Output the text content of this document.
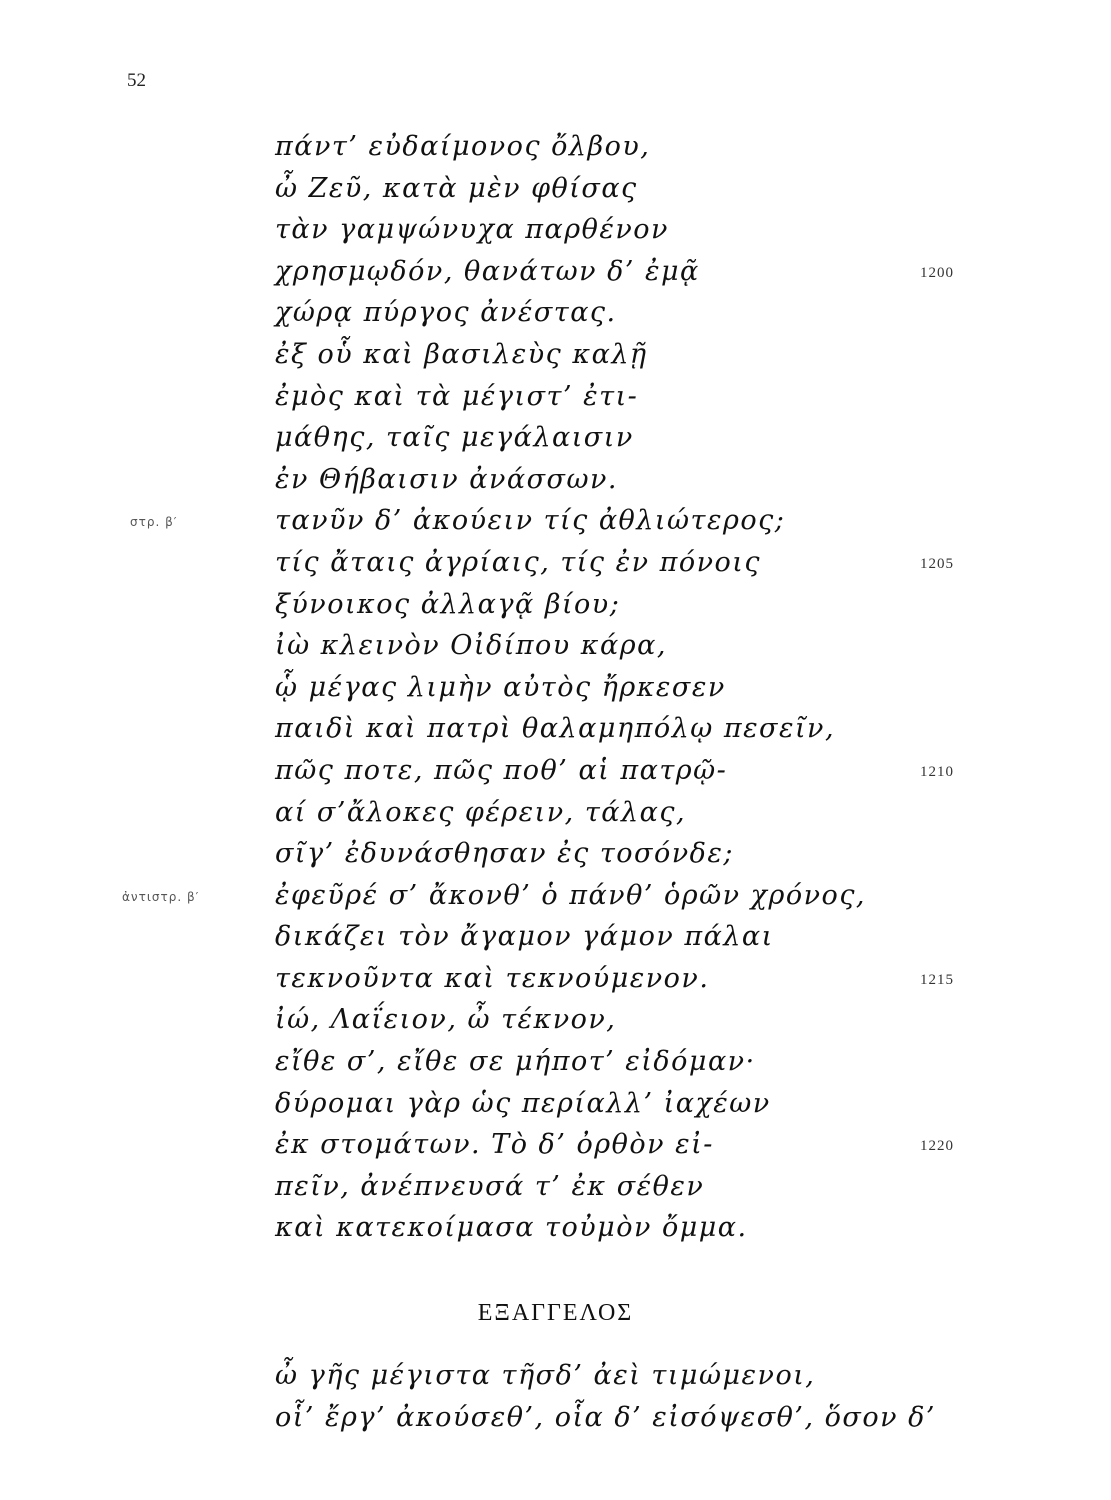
52
πάντ’ εὐδαίμονος ὄλβου,
ὦ Ζεῦ, κατὰ μὲν φθίσας
τὰν γαμψώνυχα παρθένον
χρησμῳδόν, θανάτων δ’ ἐμᾷ	1200
χώρᾳ πύργος ἀνέστας.
ἐξ οὗ καὶ βασιλεὺς καλῇ
ἐμὸς καὶ τὰ μέγιστ’ ἐτι-
μάθης, ταῖς μεγάλαισιν
ἐν Θήβαισιν ἀνάσσων.
στρ. β′	τανῦν δ’ ἀκούειν τίς ἀθλιώτερος;
τίς ἄταις ἀγρίαις, τίς ἐν πόνοις	1205
ξύνοικος ἀλλαγᾷ βίου;
ἰὼ κλεινὸν Οἰδίπου κάρα,
ᾧ μέγας λιμὴν αὐτὸς ἤρκεσεν
παιδὶ καὶ πατρὶ θαλαμηπόλῳ πεσεῖν,
πῶς ποτε, πῶς ποθ’ αἱ πατρῷ-	1210
αί σ’ἄλοκες φέρειν, τάλας,
σῖγ’ ἐδυνάσθησαν ἐς τοσόνδε;
ἀντιστρ. β′	ἐφεῦρέ σ’ ἄκονθ’ ὁ πάνθ’ ὁρῶν χρόνος,
δικάζει τὸν ἄγαμον γάμον πάλαι
τεκνοῦντα καὶ τεκνούμενον.	1215
ἰώ, Λαΐειον, ὦ τέκνον,
εἴθε σ’, εἴθε σε μήποτ’ εἰδόμαν·
δύρομαι γὰρ ὡς περίαλλ’ ἰαχέων
ἐκ στομάτων. Τὸ δ’ ὀρθὸν εἰ-	1220
πεῖν, ἀνέπνευσά τ’ ἐκ σέθεν
καὶ κατεκοίμασα τοὐμὸν ὄμμα.
ΕΞΑΓΓΕΛΟΣ
ὦ γῆς μέγιστα τῆσδ’ ἀεὶ τιμώμενοι,
οἷ’ ἔργ’ ἀκούσεθ’, οἷα δ’ εἰσόψεσθ’, ὅσον δ’
